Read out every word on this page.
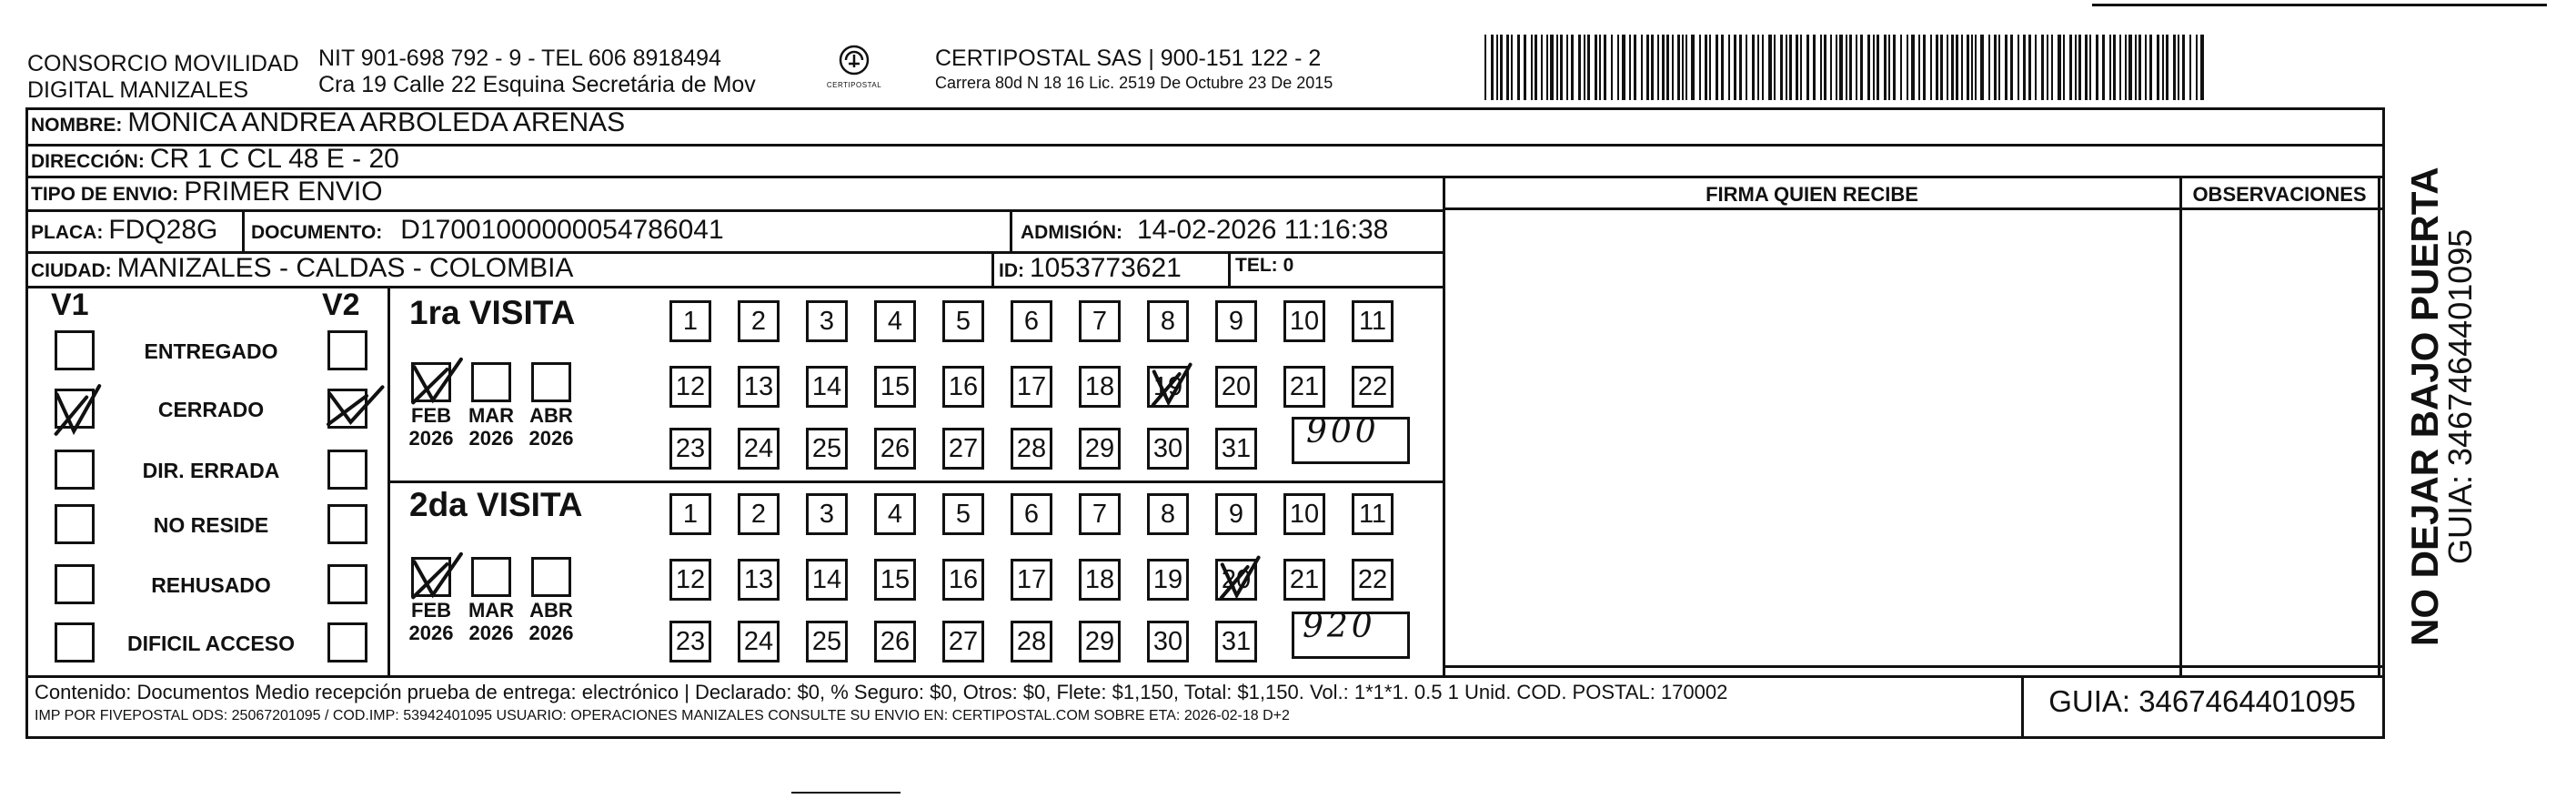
CONSORCIO MOVILIDAD
DIGITAL MANIZALES
NIT 901-698 792 - 9 - TEL 606 8918494
Cra 19 Calle 22 Esquina Secretária de Mov	CERTIPOSTAL
CERTIPOSTAL SAS | 900-151 122 - 2
Carrera 80d N 18 16 Lic. 2519 De Octubre 23 De 2015
NOMBRE: MONICA ANDREA ARBOLEDA ARENAS
DIRECCIÓN: CR 1 C CL 48 E - 20
TIPO DE ENVIO: PRIMER ENVIO
PLACA: FDQ28G DOCUMENTO: D17001000000054786041	ADMISIÓN: 14-02-2026 11:16:38
CIUDAD: MANIZALES - CALDAS - COLOMBIA	ID: 1053773621	TEL: 0
FIRMA QUIEN RECIBE	OBSERVACIONES
V1	V2
ENTREGADO
CERRADO
DIR. ERRADA
NO RESIDE
REHUSADO
DIFICIL ACCESO
1ra VISITA
2da VISITA
FEB
2026
MAR
2026
ABR
2026
FEB
2026
MAR
2026
ABR
2026
1	2	3	4	5	6	7	8	9	10 11
12 13 14 15 16 17 18 19 20 21 22
23 24 25 26 27 28 29 30 31
1	2	3	4	5	6	7	8	9	10 11
12 13 14 15 16 17 18 19 20 21 22
23 24 25 26 27 28 29 30 31
900
920
Contenido: Documentos Medio recepción prueba de entrega: electrónico | Declarado: $0, % Seguro: $0, Otros: $0, Flete: $1,150, Total: $1,150. Vol.: 1*1*1. 0.5 1 Unid. COD. POSTAL: 170002
IMP POR FIVEPOSTAL ODS: 25067201095 / COD.IMP: 53942401095 USUARIO: OPERACIONES MANIZALES CONSULTE SU ENVIO EN: CERTIPOSTAL.COM SOBRE ETA: 2026-02-18 D+2	GUIA: 3467464401095
NO DEJAR BAJO PUERTA
GUIA: 3467464401095
